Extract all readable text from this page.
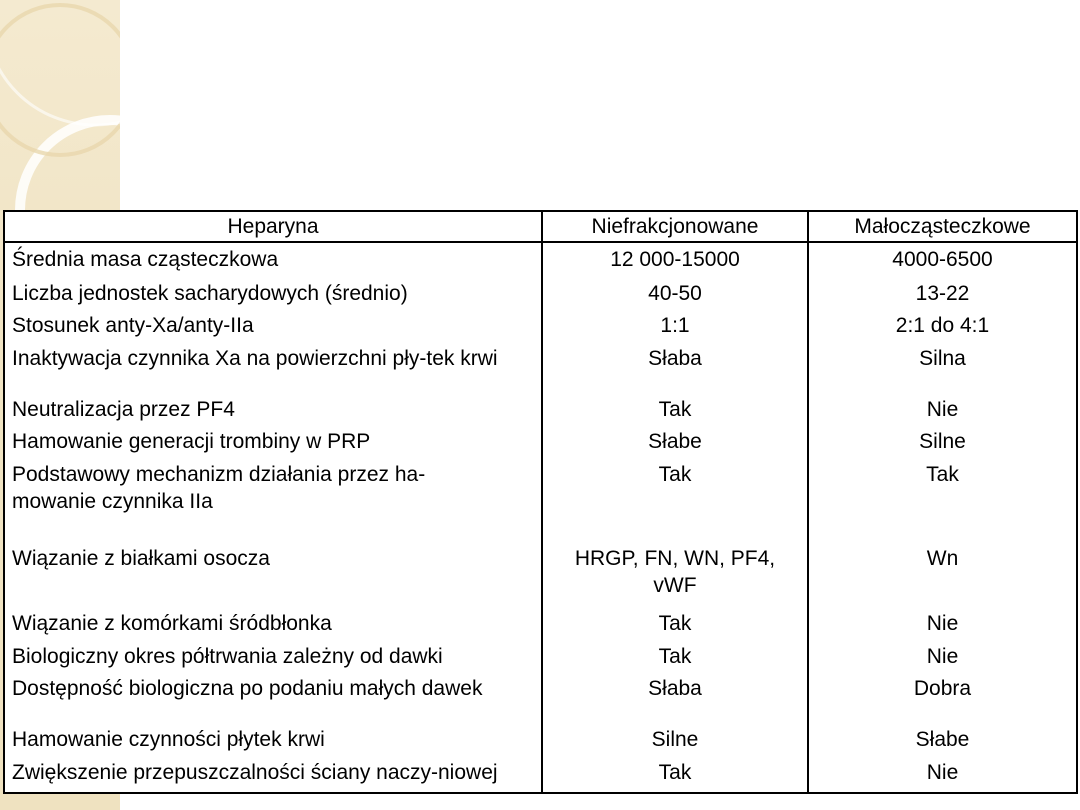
Heparyna	Niefrakcjonowane	Małocząsteczkowe
Średnia masa cząsteczkowa	12 000-15000	4000-6500
Liczba jednostek sacharydowych (średnio)	40-50	13-22
Stosunek anty-Xa/anty-IIa	1:1	2:1 do 4:1
Inaktywacja czynnika Xa na powierzchni pły-tek krwi	Słaba	Silna
Neutralizacja przez PF4	Tak	Nie
Hamowanie generacji trombiny w PRP	Słabe	Silne
Podstawowy mechanizm działania przez ha-mowanie czynnika IIa	Tak	Tak
Wiązanie z białkami osocza	HRGP, FN, WN, PF4, vWF	Wn
Wiązanie z komórkami śródbłonka	Tak	Nie
Biologiczny okres półtrwania zależny od dawki	Tak	Nie
Dostępność biologiczna po podaniu małych dawek	Słaba	Dobra
Hamowanie czynności płytek krwi	Silne	Słabe
Zwiększenie przepuszczalności ściany naczy-niowej	Tak	Nie
